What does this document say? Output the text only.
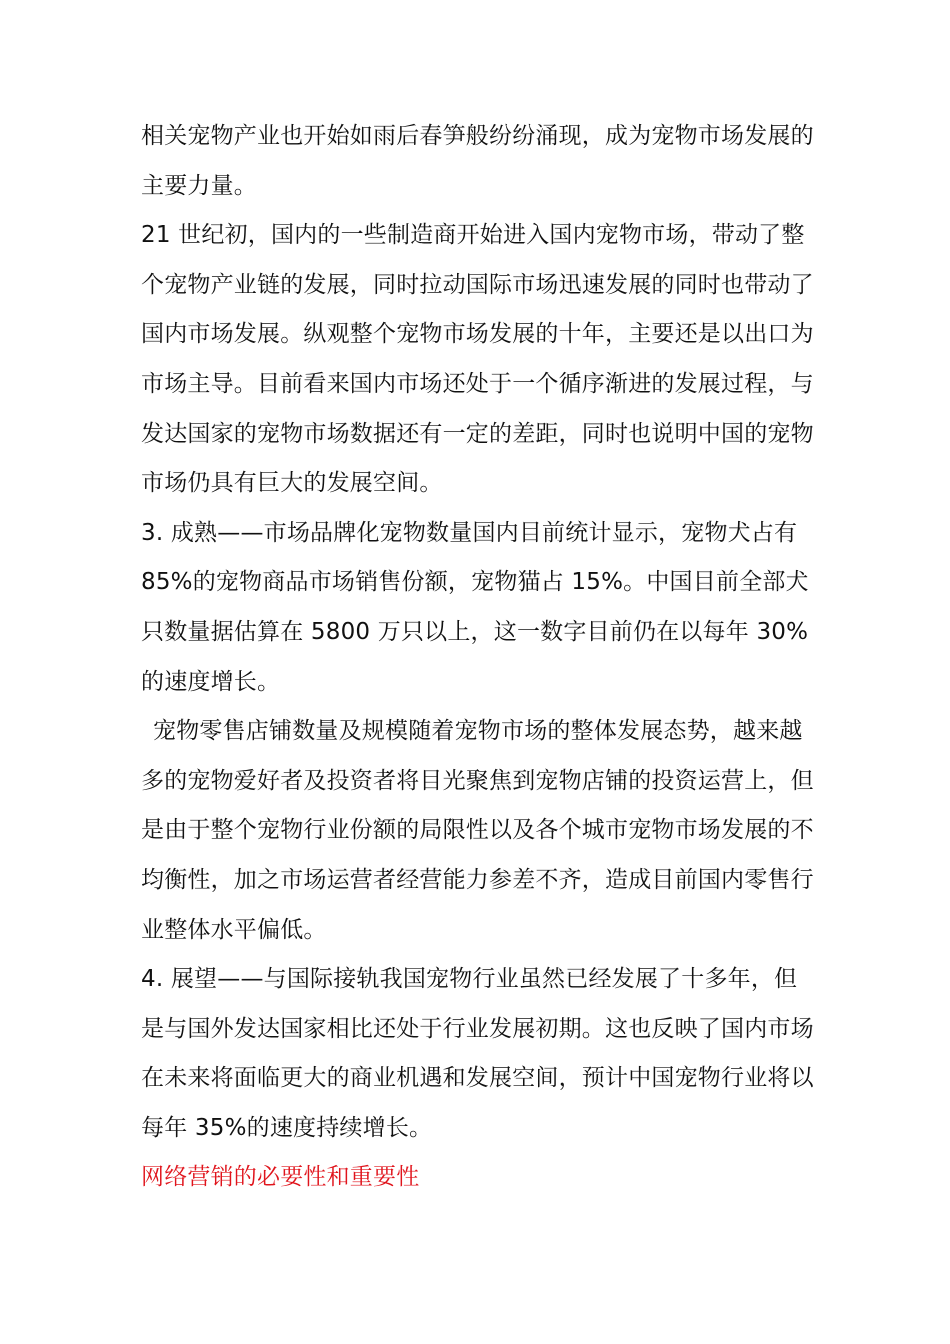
相关宠物产业也开始如雨后春笋般纷纷涌现，成为宠物市场发展的
主要力量。
21 世纪初，国内的一些制造商开始进入国内宠物市场，带动了整
个宠物产业链的发展，同时拉动国际市场迅速发展的同时也带动了
国内市场发展。纵观整个宠物市场发展的十年，主要还是以出口为
市场主导。目前看来国内市场还处于一个循序渐进的发展过程，与
发达国家的宠物市场数据还有一定的差距，同时也说明中国的宠物
市场仍具有巨大的发展空间。
3. 成熟——市场品牌化宠物数量国内目前统计显示，宠物犬占有
85%的宠物商品市场销售份额，宠物猫占 15%。中国目前全部犬
只数量据估算在 5800 万只以上，这一数字目前仍在以每年 30%
的速度增长。
宠物零售店铺数量及规模随着宠物市场的整体发展态势，越来越
多的宠物爱好者及投资者将目光聚焦到宠物店铺的投资运营上，但
是由于整个宠物行业份额的局限性以及各个城市宠物市场发展的不
均衡性，加之市场运营者经营能力参差不齐，造成目前国内零售行
业整体水平偏低。
4. 展望——与国际接轨我国宠物行业虽然已经发展了十多年，但
是与国外发达国家相比还处于行业发展初期。这也反映了国内市场
在未来将面临更大的商业机遇和发展空间，预计中国宠物行业将以
每年 35%的速度持续增长。
网络营销的必要性和重要性
